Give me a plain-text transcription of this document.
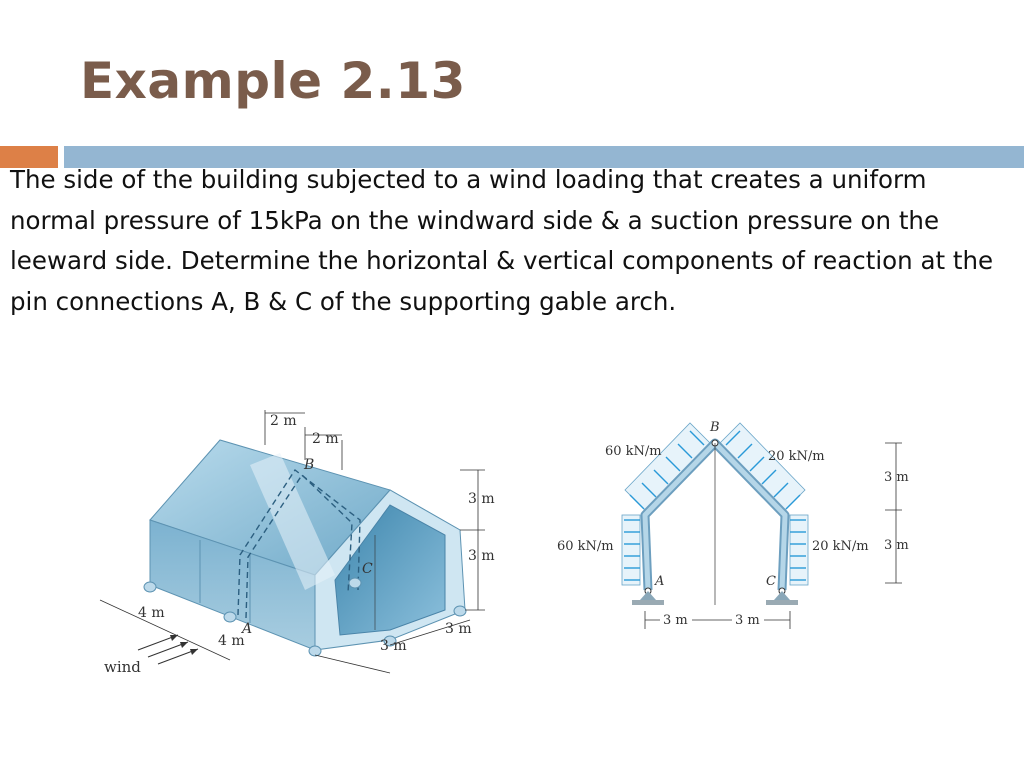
Example 2.13
The side of the building subjected to a wind loading that creates a uniform normal pressure of 15kPa on the windward side & a suction pressure on the leeward side. Determine the horizontal & vertical components of reaction at the pin connections A, B & C of the supporting gable arch.
2 m
2 m
B
3 m
3 m
C
4 m
4 m
A
3 m
3 m
wind
B
A	C
60 kN/m	20 kN/m
60 kN/m	20 kN/m
3 m
3 m
3 m	3 m
